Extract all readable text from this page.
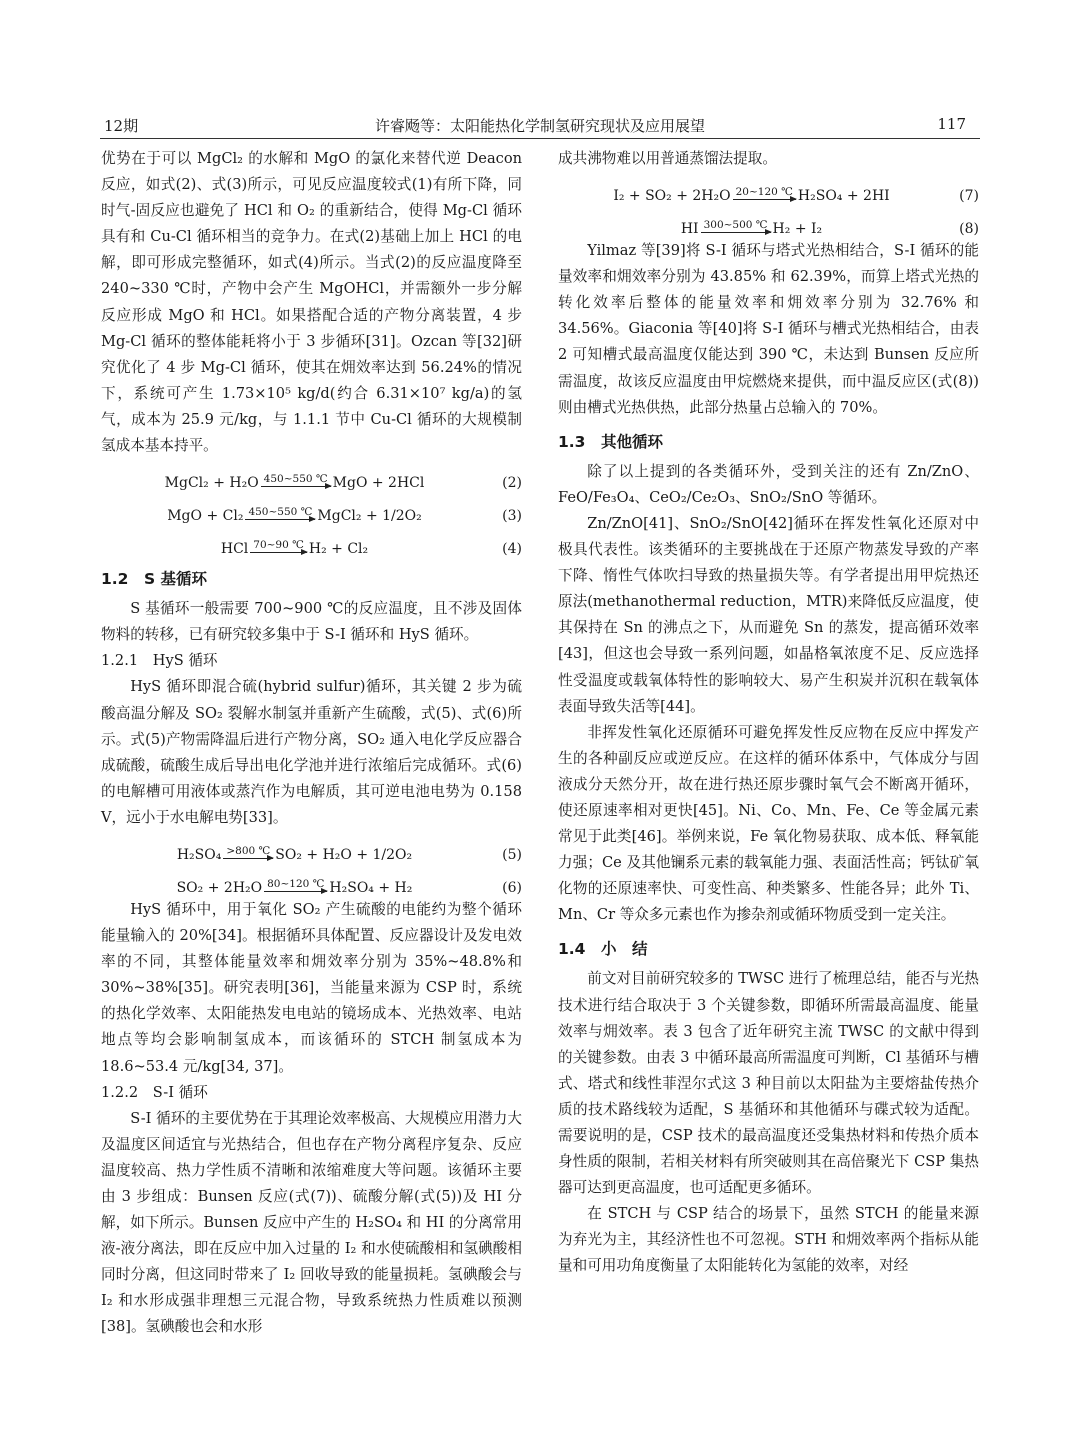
12期	许睿飏等：太阳能热化学制氢研究现状及应用展望	117

优势在于可以 MgCl₂ 的水解和 MgO 的氯化来替代逆 Deacon 反应，如式(2)、式(3)所示，可见反应温度较式(1)有所下降，同时气-固反应也避免了 HCl 和 O₂ 的重新结合，使得 Mg-Cl 循环具有和 Cu-Cl 循环相当的竞争力。在式(2)基础上加上 HCl 的电解，即可形成完整循环，如式(4)所示。当式(2)的反应温度降至 240~330 ℃时，产物中会产生 MgOHCl，并需额外一步分解反应形成 MgO 和 HCl。如果搭配合适的产物分离装置，4 步 Mg-Cl 循环的整体能耗将小于 3 步循环[31]。Ozcan 等[32]研究优化了 4 步 Mg-Cl 循环，使其在㶲效率达到 56.24%的情况下，系统可产生 1.73×10⁵ kg/d(约合 6.31×10⁷ kg/a)的氢气，成本为 25.9 元/kg，与 1.1.1 节中 Cu-Cl 循环的大规模制氢成本基本持平。

MgCl₂ + H₂O 450~550 ℃ MgO + 2HCl	(2)
MgO + Cl₂ 450~550 ℃ MgCl₂ + 1/2O₂	(3)
HCl 70~90 ℃ H₂ + Cl₂	(4)
1.2　S 基循环

S 基循环一般需要 700~900 ℃的反应温度，且不涉及固体物料的转移，已有研究较多集中于 S-I 循环和 HyS 循环。

1.2.1　HyS 循环

HyS 循环即混合硫(hybrid sulfur)循环，其关键 2 步为硫酸高温分解及 SO₂ 裂解水制氢并重新产生硫酸，式(5)、式(6)所示。式(5)产物需降温后进行产物分离，SO₂ 通入电化学反应器合成硫酸，硫酸生成后导出电化学池并进行浓缩后完成循环。式(6)的电解槽可用液体或蒸汽作为电解质，其可逆电池电势为 0.158 V，远小于水电解电势[33]。

H₂SO₄ >800 ℃ SO₂ + H₂O + 1/2O₂	(5)
SO₂ + 2H₂O 80~120 ℃ H₂SO₄ + H₂	(6)

HyS 循环中，用于氧化 SO₂ 产生硫酸的电能约为整个循环能量输入的 20%[34]。根据循环具体配置、反应器设计及发电效率的不同，其整体能量效率和㶲效率分别为 35%~48.8%和 30%~38%[35]。研究表明[36]，当能量来源为 CSP 时，系统的热化学效率、太阳能热发电电站的镜场成本、光热效率、电站地点等均会影响制氢成本，而该循环的 STCH 制氢成本为 18.6~53.4 元/kg[34, 37]。

1.2.2　S-I 循环

S-I 循环的主要优势在于其理论效率极高、大规模应用潜力大及温度区间适宜与光热结合，但也存在产物分离程序复杂、反应温度较高、热力学性质不清晰和浓缩难度大等问题。该循环主要由 3 步组成：Bunsen 反应(式(7))、硫酸分解(式(5))及 HI 分解，如下所示。Bunsen 反应中产生的 H₂SO₄ 和 HI 的分离常用液-液分离法，即在反应中加入过量的 I₂ 和水使硫酸相和氢碘酸相同时分离，但这同时带来了 I₂ 回收导致的能量损耗。氢碘酸会与 I₂ 和水形成强非理想三元混合物，导致系统热力性质难以预测[38]。氢碘酸也会和水形

成共沸物难以用普通蒸馏法提取。

I₂ + SO₂ + 2H₂O 20~120 ℃ H₂SO₄ + 2HI	(7)
HI 300~500 ℃ H₂ + I₂	(8)

Yilmaz 等[39]将 S-I 循环与塔式光热相结合，S-I 循环的能量效率和㶲效率分别为 43.85% 和 62.39%，而算上塔式光热的转化效率后整体的能量效率和㶲效率分别为 32.76% 和 34.56%。Giaconia 等[40]将 S-I 循环与槽式光热相结合，由表 2 可知槽式最高温度仅能达到 390 ℃，未达到 Bunsen 反应所需温度，故该反应温度由甲烷燃烧来提供，而中温反应区(式(8))则由槽式光热供热，此部分热量占总输入的 70%。

1.3　其他循环

除了以上提到的各类循环外，受到关注的还有 Zn/ZnO、FeO/Fe₃O₄、CeO₂/Ce₂O₃、SnO₂/SnO 等循环。

Zn/ZnO[41]、SnO₂/SnO[42]循环在挥发性氧化还原对中极具代表性。该类循环的主要挑战在于还原产物蒸发导致的产率下降、惰性气体吹扫导致的热量损失等。有学者提出用甲烷热还原法(methanothermal reduction，MTR)来降低反应温度，使其保持在 Sn 的沸点之下，从而避免 Sn 的蒸发，提高循环效率[43]，但这也会导致一系列问题，如晶格氧浓度不足、反应选择性受温度或载氧体特性的影响较大、易产生积炭并沉积在载氧体表面导致失活等[44]。

非挥发性氧化还原循环可避免挥发性反应物在反应中挥发产生的各种副反应或逆反应。在这样的循环体系中，气体成分与固液成分天然分开，故在进行热还原步骤时氧气会不断离开循环，使还原速率相对更快[45]。Ni、Co、Mn、Fe、Ce 等金属元素常见于此类[46]。举例来说，Fe 氧化物易获取、成本低、释氧能力强；Ce 及其他镧系元素的载氧能力强、表面活性高；钙钛矿氧化物的还原速率快、可变性高、种类繁多、性能各异；此外 Ti、Mn、Cr 等众多元素也作为掺杂剂或循环物质受到一定关注。

1.4　小　结

前文对目前研究较多的 TWSC 进行了梳理总结，能否与光热技术进行结合取决于 3 个关键参数，即循环所需最高温度、能量效率与㶲效率。表 3 包含了近年研究主流 TWSC 的文献中得到的关键参数。由表 3 中循环最高所需温度可判断，Cl 基循环与槽式、塔式和线性菲涅尔式这 3 种目前以太阳盐为主要熔盐传热介质的技术路线较为适配，S 基循环和其他循环与碟式较为适配。需要说明的是，CSP 技术的最高温度还受集热材料和传热介质本身性质的限制，若相关材料有所突破则其在高倍聚光下 CSP 集热器可达到更高温度，也可适配更多循环。

在 STCH 与 CSP 结合的场景下，虽然 STCH 的能量来源为弃光为主，其经济性也不可忽视。STH 和㶲效率两个指标从能量和可用功角度衡量了太阳能转化为氢能的效率，对经
